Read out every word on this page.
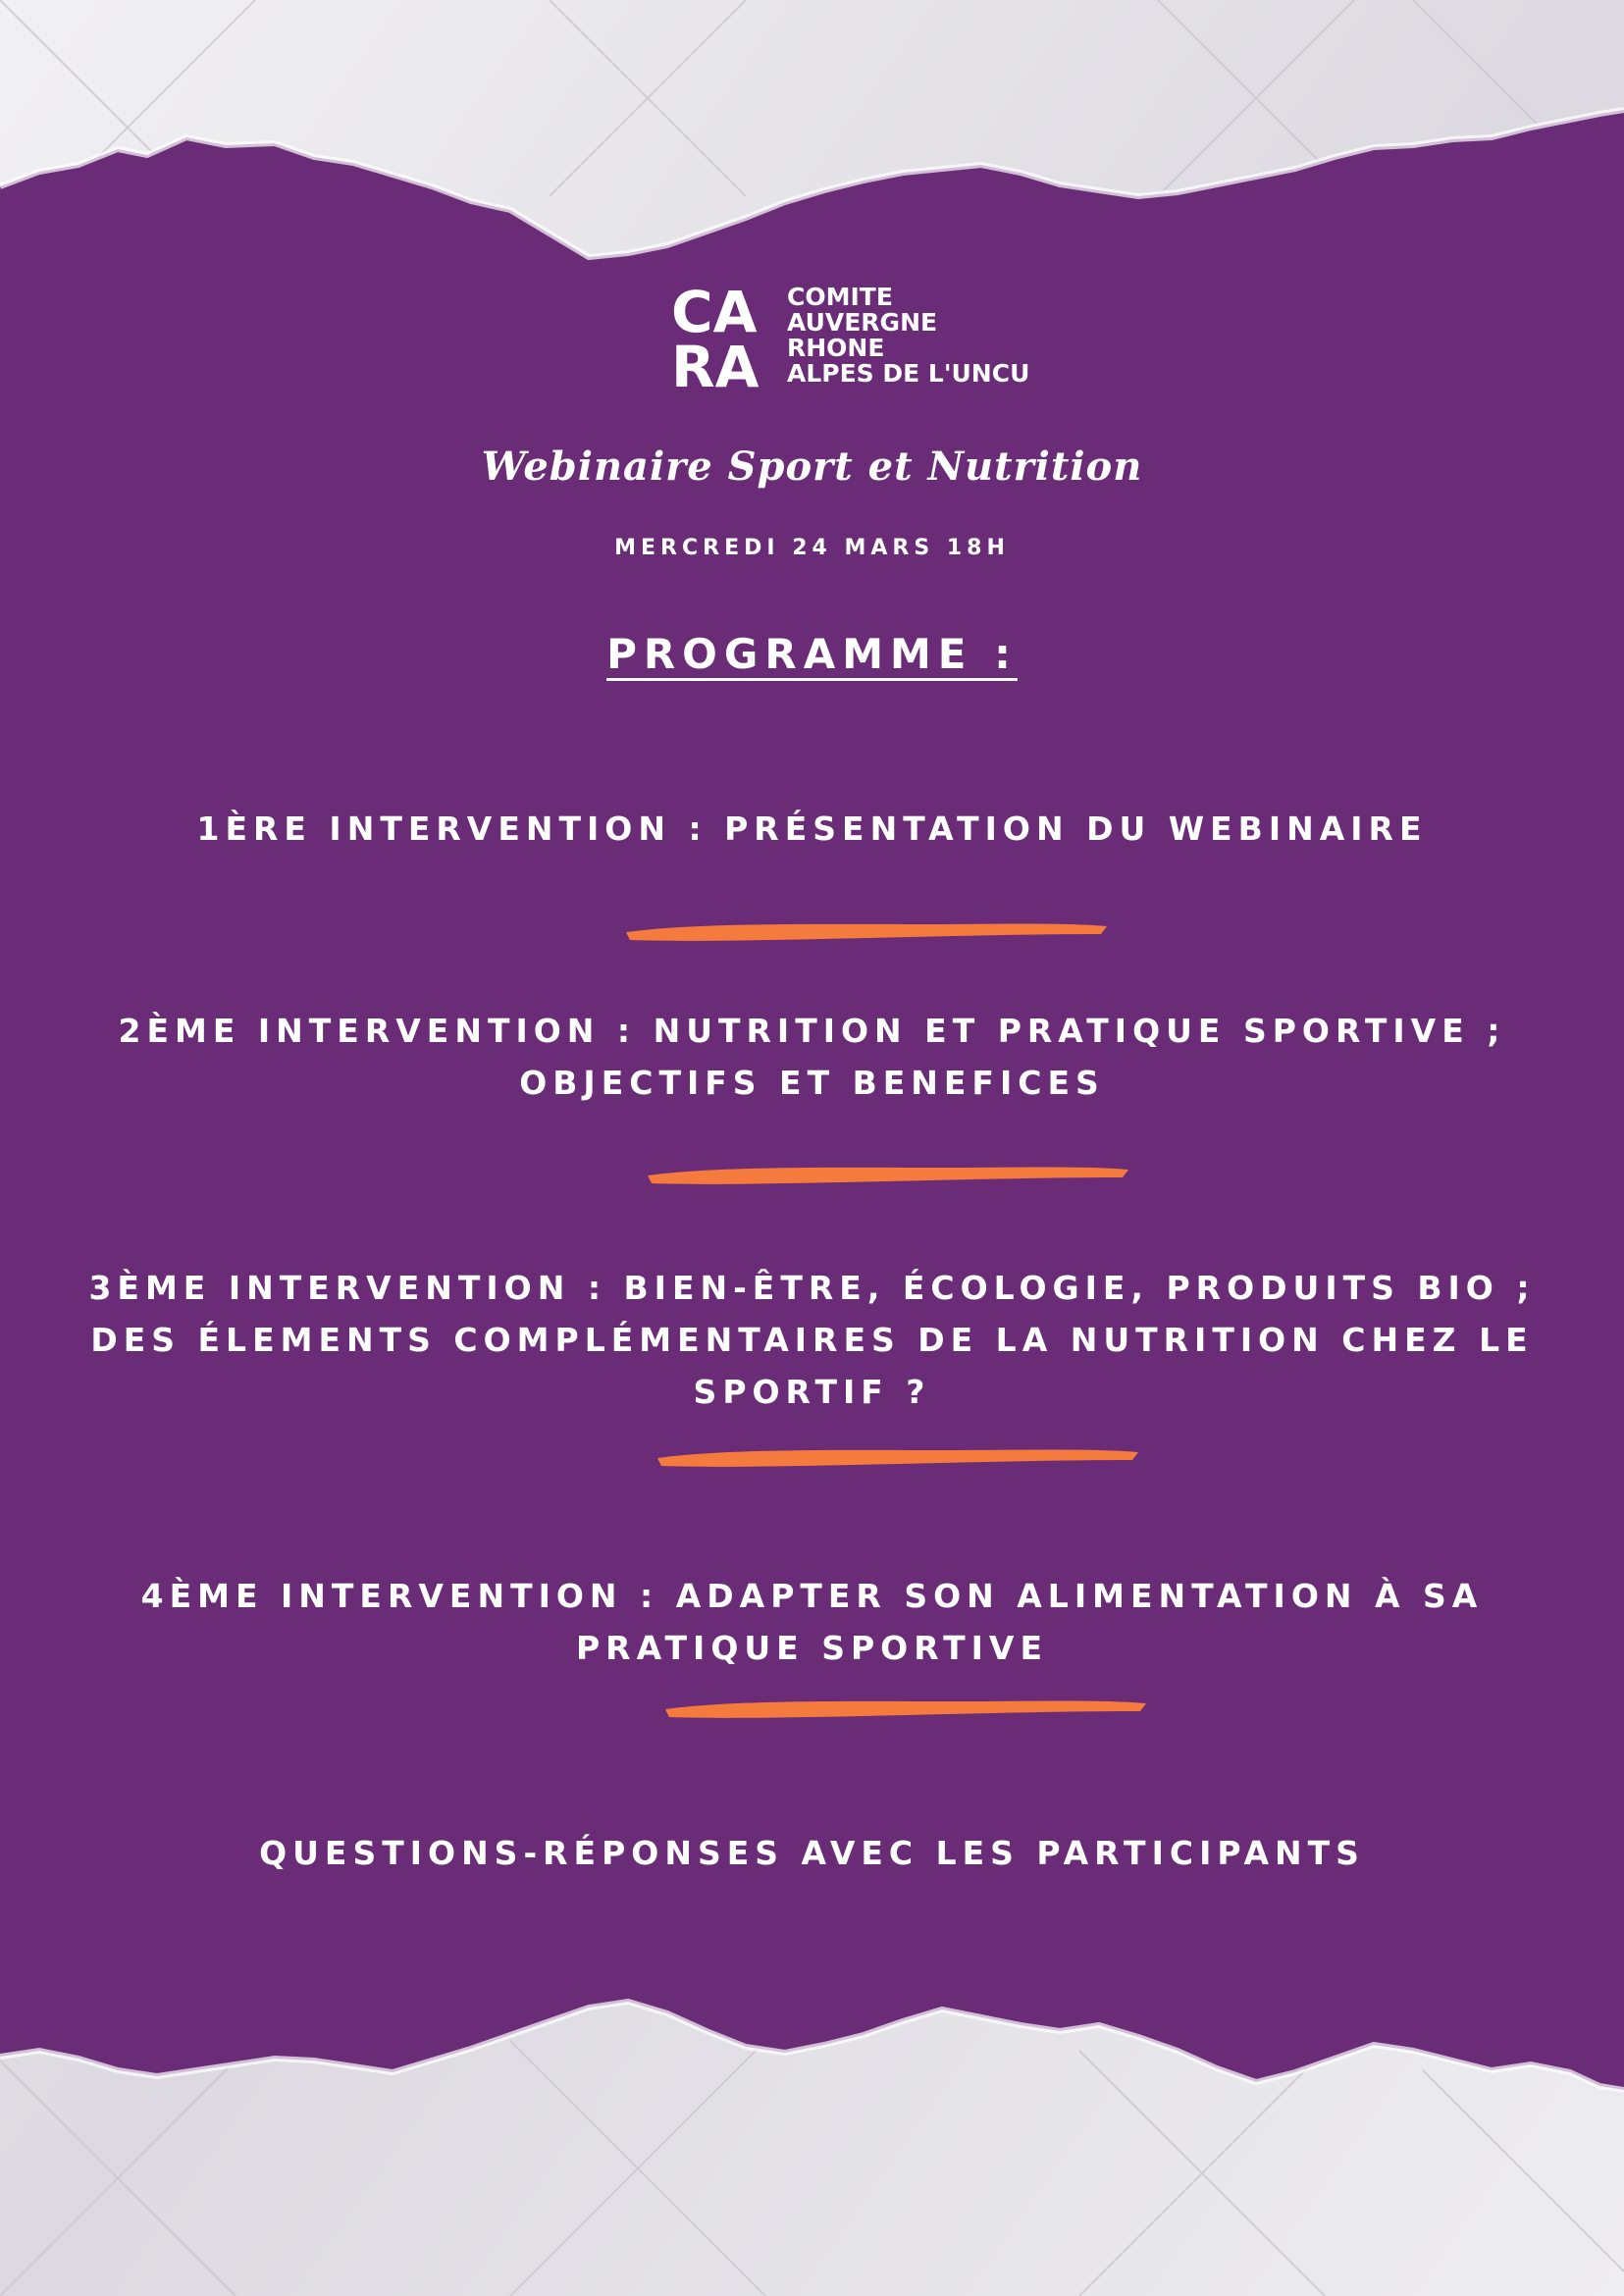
CA
RA
COMITE
AUVERGNE
RHONE
ALPES DE L'UNCU
Webinaire Sport et Nutrition
MERCREDI 24 MARS 18H
PROGRAMME :
1ÈRE INTERVENTION : PRÉSENTATION DU WEBINAIRE
2ÈME INTERVENTION : NUTRITION ET PRATIQUE SPORTIVE ;
OBJECTIFS ET BENEFICES
3ÈME INTERVENTION : BIEN-ÊTRE, ÉCOLOGIE, PRODUITS BIO ;
DES ÉLEMENTS COMPLÉMENTAIRES DE LA NUTRITION CHEZ LE
SPORTIF ?
4ÈME INTERVENTION : ADAPTER SON ALIMENTATION À SA
PRATIQUE SPORTIVE
QUESTIONS-RÉPONSES AVEC LES PARTICIPANTS
